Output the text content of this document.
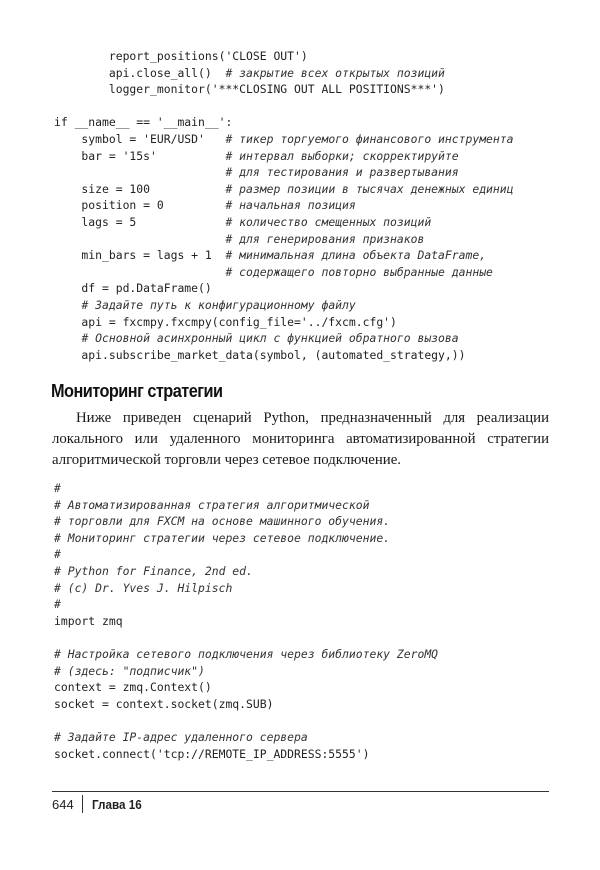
report_positions('CLOSE OUT')
api.close_all()  # закрытие всех открытых позиций
logger_monitor('***CLOSING OUT ALL POSITIONS***')
if __name__ == '__main__':
symbol = 'EUR/USD'   # тикер торгуемого финансового инструмента
bar = '15s'          # интервал выборки; скорректируйте
# для тестирования и развертывания
size = 100           # размер позиции в тысячах денежных единиц
position = 0         # начальная позиция
lags = 5             # количество смещенных позиций
# для генерирования признаков
min_bars = lags + 1  # минимальная длина объекта DataFrame,
# содержащего повторно выбранные данные
df = pd.DataFrame()
# Задайте путь к конфигурационному файлу
api = fxcmpy.fxcmpy(config_file='../fxcm.cfg')
# Основной асинхронный цикл с функцией обратного вызова
api.subscribe_market_data(symbol, (automated_strategy,))
Мониторинг стратегии

Ниже приведен сценарий Python, предназначенный для реализации локального или удаленного мониторинга автоматизированной стратегии алгоритмической торговли через сетевое подключение.

#
# Автоматизированная стратегия алгоритмической
# торговли для FXCM на основе машинного обучения.
# Мониторинг стратегии через сетевое подключение.
#
# Python for Finance, 2nd ed.
# (c) Dr. Yves J. Hilpisch
#
import zmq
# Настройка сетевого подключения через библиотеку ZeroMQ
# (здесь: "подписчик")
context = zmq.Context()
socket = context.socket(zmq.SUB)
# Задайте IP-адрес удаленного сервера
socket.connect('tcp://REMOTE_IP_ADDRESS:5555')
644 Глава 16
